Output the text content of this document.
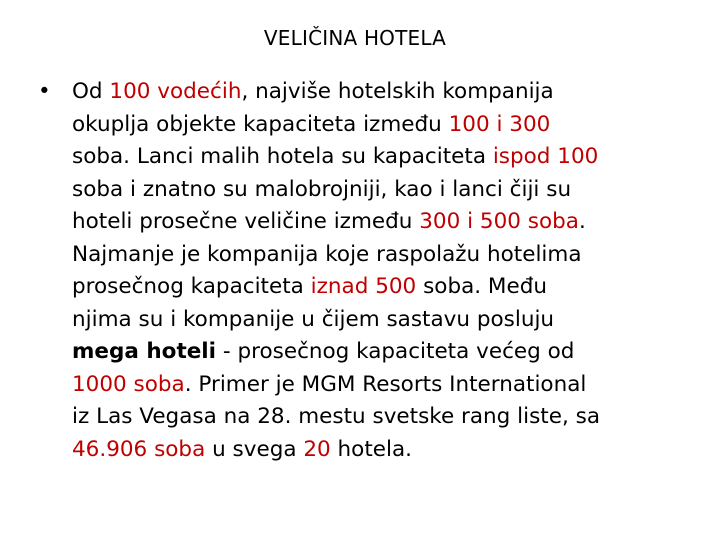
VELIČINA HOTELA
• Od 100 vodećih, najviše hotelskih kompanija
okuplja objekte kapaciteta između 100 i 300
soba. Lanci malih hotela su kapaciteta ispod 100
soba i znatno su malobrojniji, kao i lanci čiji su
hoteli prosečne veličine između 300 i 500 soba.
Najmanje je kompanija koje raspolažu hotelima
prosečnog kapaciteta iznad 500 soba. Među
njima su i kompanije u čijem sastavu posluju
mega hoteli - prosečnog kapaciteta većeg od
1000 soba. Primer je MGM Resorts International
iz Las Vegasa na 28. mestu svetske rang liste, sa
46.906 soba u svega 20 hotela.
